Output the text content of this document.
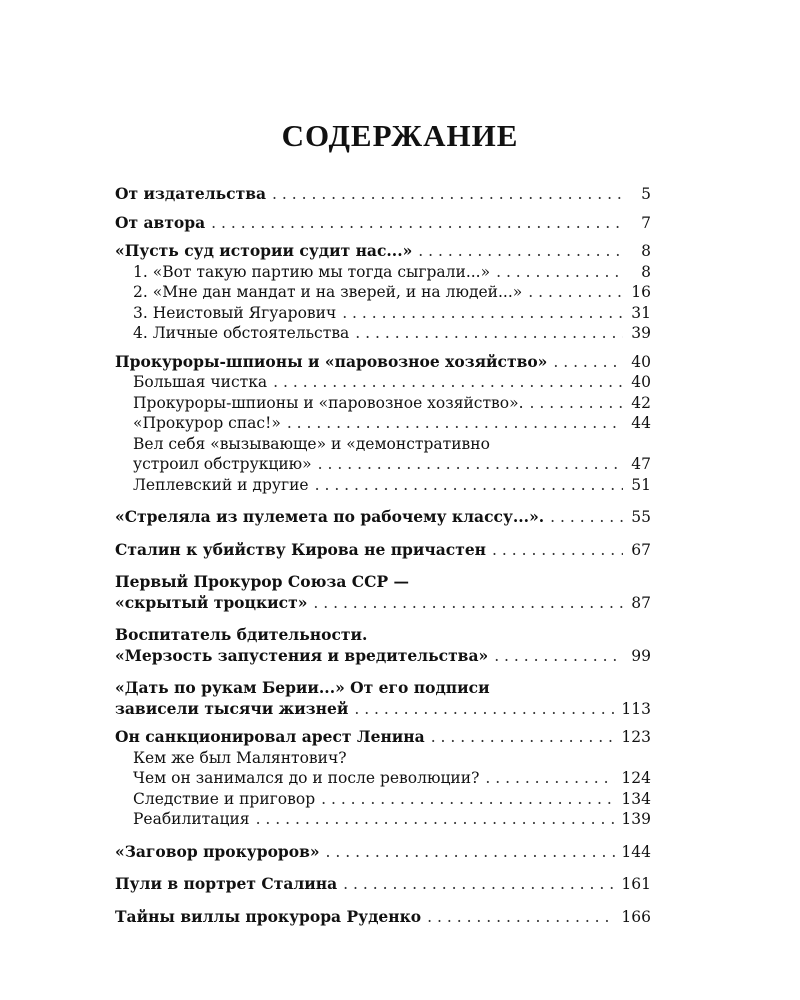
СОДЕРЖАНИЕ
От издательства . . .	5
От автора . . .	7
«Пусть суд истории судит нас...» . . .	8
1. «Вот такую партию мы тогда сыграли...» . . .	8
2. «Мне дан мандат и на зверей, и на людей...» . . .	16
3. Неистовый Ягуарович . . .	31
4. Личные обстоятельства . . .	39
Прокуроры-шпионы и «паровозное хозяйство» . . .	40
Большая чистка . . .	40
Прокуроры-шпионы и «паровозное хозяйство». . . .	42
«Прокурор спас!» . . .	44
Вел себя «вызывающе» и «демонстративно
устроил обструкцию» . . .	47
Леплевский и другие . . .	51
«Стреляла из пулемета по рабочему классу...». . . .	55
Сталин к убийству Кирова не причастен . . .	67
Первый Прокурор Союза ССР —
«скрытый троцкист» . . .	87
Воспитатель бдительности.
«Мерзость запустения и вредительства» . . .	99
«Дать по рукам Берии...» От его подписи
зависели тысячи жизней . . .	113
Он санкционировал арест Ленина . . .	123
Кем же был Малянтович?
Чем он занимался до и после революции? . . .	124
Следствие и приговор . . .	134
Реабилитация . . .	139
«Заговор прокуроров» . . .	144
Пули в портрет Сталина . . .	161
Тайны виллы прокурора Руденко . . .	166
